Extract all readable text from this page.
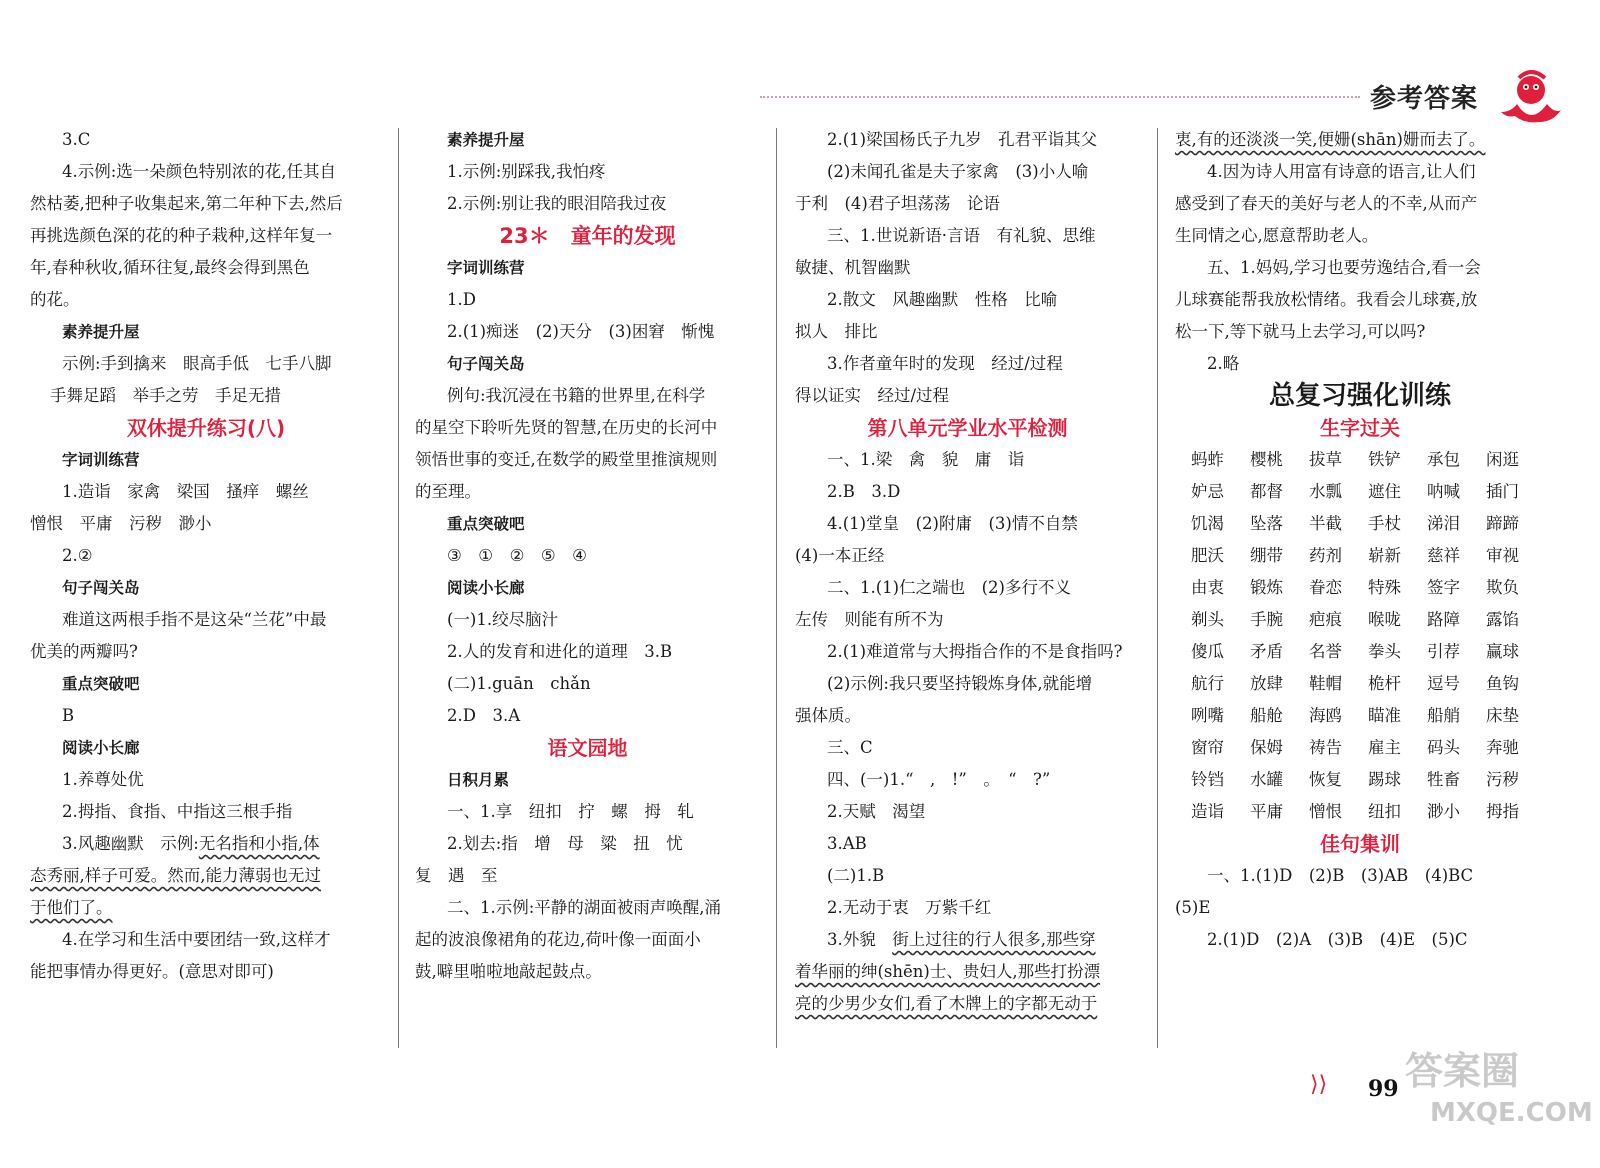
参考答案

3.C

4.示例:选一朵颜色特别浓的花,任其自

然枯萎,把种子收集起来,第二年种下去,然后

再挑选颜色深的花的种子栽种,这样年复一

年,春种秋收,循环往复,最终会得到黑色

的花。

素养提升屋

示例:手到擒来　眼高手低　七手八脚

手舞足蹈　举手之劳　手足无措

双休提升练习(八)

字词训练营

1.造诣　家禽　梁国　搔痒　螺丝

憎恨　平庸　污秽　渺小

2.②

句子闯关岛

难道这两根手指不是这朵“兰花”中最

优美的两瓣吗?

重点突破吧

B

阅读小长廊

1.养尊处优

2.拇指、食指、中指这三根手指

3.风趣幽默　示例:无名指和小指,体

态秀丽,样子可爱。然而,能力薄弱也无过

于他们了。

4.在学习和生活中要团结一致,这样才

能把事情办得更好。(意思对即可)

素养提升屋

1.示例:别踩我,我怕疼

2.示例:别让我的眼泪陪我过夜

23＊　童年的发现

字词训练营

1.D

2.(1)痴迷　(2)天分　(3)困窘　惭愧

句子闯关岛

例句:我沉浸在书籍的世界里,在科学

的星空下聆听先贤的智慧,在历史的长河中

领悟世事的变迁,在数学的殿堂里推演规则

的至理。

重点突破吧

③　①　②　⑤　④

阅读小长廊

(一)1.绞尽脑汁

2.人的发育和进化的道理　3.B

(二)1.guān　chǎn

2.D　3.A

语文园地

日积月累

一、1.享　纽扣　拧　螺　拇　轧

2.划去:指　增　母　粱　扭　忧

复　遇　至

二、1.示例:平静的湖面被雨声唤醒,涌

起的波浪像裙角的花边,荷叶像一面面小

鼓,噼里啪啦地敲起鼓点。

2.(1)梁国杨氏子九岁　孔君平诣其父

(2)未闻孔雀是夫子家禽　(3)小人喻

于利　(4)君子坦荡荡　论语

三、1.世说新语·言语　有礼貌、思维

敏捷、机智幽默

2.散文　风趣幽默　性格　比喻

拟人　排比

3.作者童年时的发现　经过/过程

得以证实　经过/过程

第八单元学业水平检测

一、1.梁　禽　貌　庸　诣

2.B　3.D

4.(1)堂皇　(2)附庸　(3)情不自禁

(4)一本正经

二、1.(1)仁之端也　(2)多行不义

左传　则能有所不为

2.(1)难道常与大拇指合作的不是食指吗?

(2)示例:我只要坚持锻炼身体,就能增

强体质。

三、C

四、(一)1.“　,　!”　。　“　?”

2.天赋　渴望

3.AB

(二)1.B

2.无动于衷　万紫千红

3.外貌　街上过往的行人很多,那些穿

着华丽的绅(shēn)士、贵妇人,那些打扮漂

亮的少男少女们,看了木牌上的字都无动于

衷,有的还淡淡一笑,便姗(shān)姗而去了。

4.因为诗人用富有诗意的语言,让人们

感受到了春天的美好与老人的不幸,从而产

生同情之心,愿意帮助老人。

五、1.妈妈,学习也要劳逸结合,看一会

儿球赛能帮我放松情绪。我看会儿球赛,放

松一下,等下就马上去学习,可以吗?

2.略

总复习强化训练

生字过关

蚂蚱	樱桃	拔草	铁铲	承包	闲逛
妒忌	都督	水瓢	遮住	呐喊	插门
饥渴	坠落	半截	手杖	涕泪	蹄蹄
肥沃	绷带	药剂	崭新	慈祥	审视
由衷	锻炼	眷恋	特殊	签字	欺负
剃头	手腕	疤痕	喉咙	路障	露馅
傻瓜	矛盾	名誉	拳头	引荐	赢球
航行	放肆	鞋帽	桅杆	逗号	鱼钩
咧嘴	船舱	海鸥	瞄准	船艄	床垫
窗帘	保姆	祷告	雇主	码头	奔驰
铃铛	水罐	恢复	踢球	牲畜	污秽
造诣	平庸	憎恨	纽扣	渺小	拇指

佳句集训

一、1.(1)D　(2)B　(3)AB　(4)BC

(5)E

2.(1)D　(2)A　(3)B　(4)E　(5)C

⟩⟩ 99 答案圈
MXQE.COM
